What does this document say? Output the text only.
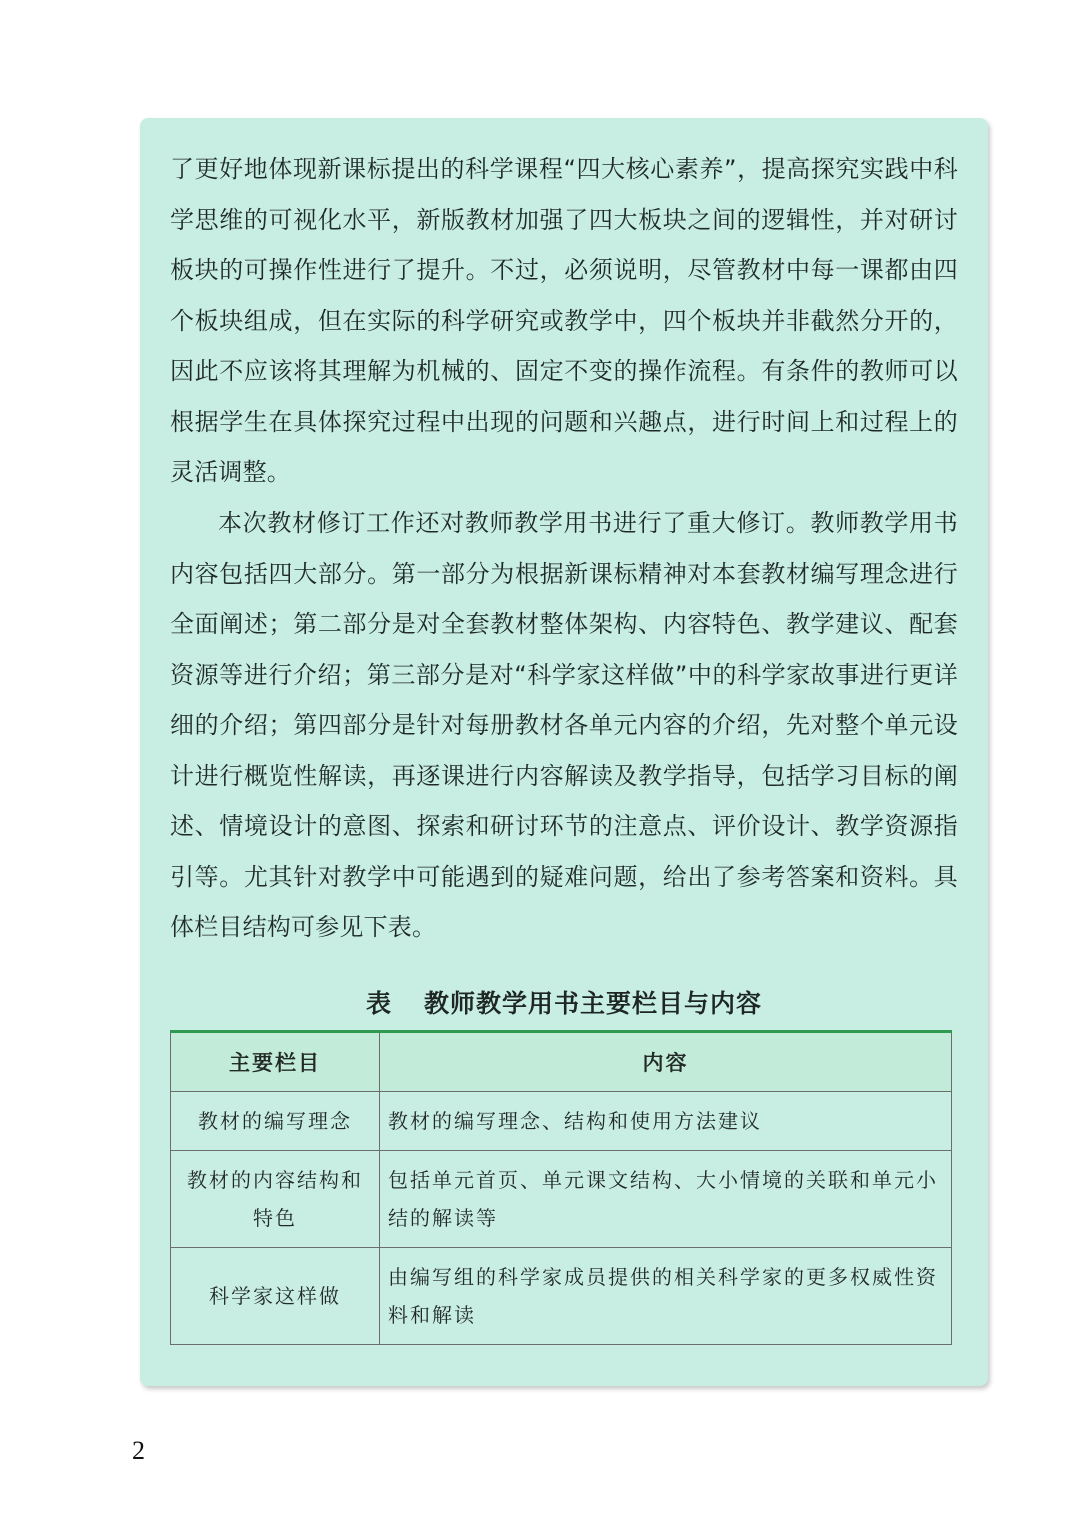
了更好地体现新课标提出的科学课程“四大核心素养”，提高探究实践中科学思维的可视化水平，新版教材加强了四大板块之间的逻辑性，并对研讨板块的可操作性进行了提升。不过，必须说明，尽管教材中每一课都由四个板块组成，但在实际的科学研究或教学中，四个板块并非截然分开的，因此不应该将其理解为机械的、固定不变的操作流程。有条件的教师可以根据学生在具体探究过程中出现的问题和兴趣点，进行时间上和过程上的灵活调整。

本次教材修订工作还对教师教学用书进行了重大修订。教师教学用书内容包括四大部分。第一部分为根据新课标精神对本套教材编写理念进行全面阐述；第二部分是对全套教材整体架构、内容特色、教学建议、配套资源等进行介绍；第三部分是对“科学家这样做”中的科学家故事进行更详细的介绍；第四部分是针对每册教材各单元内容的介绍，先对整个单元设计进行概览性解读，再逐课进行内容解读及教学指导，包括学习目标的阐述、情境设计的意图、探索和研讨环节的注意点、评价设计、教学资源指引等。尤其针对教学中可能遇到的疑难问题，给出了参考答案和资料。具体栏目结构可参见下表。

表 教师教学用书主要栏目与内容
主要栏目	内容
教材的编写理念	教材的编写理念、结构和使用方法建议
教材的内容结构和特色	包括单元首页、单元课文结构、大小情境的关联和单元小结的解读等
科学家这样做	由编写组的科学家成员提供的相关科学家的更多权威性资料和解读
2
